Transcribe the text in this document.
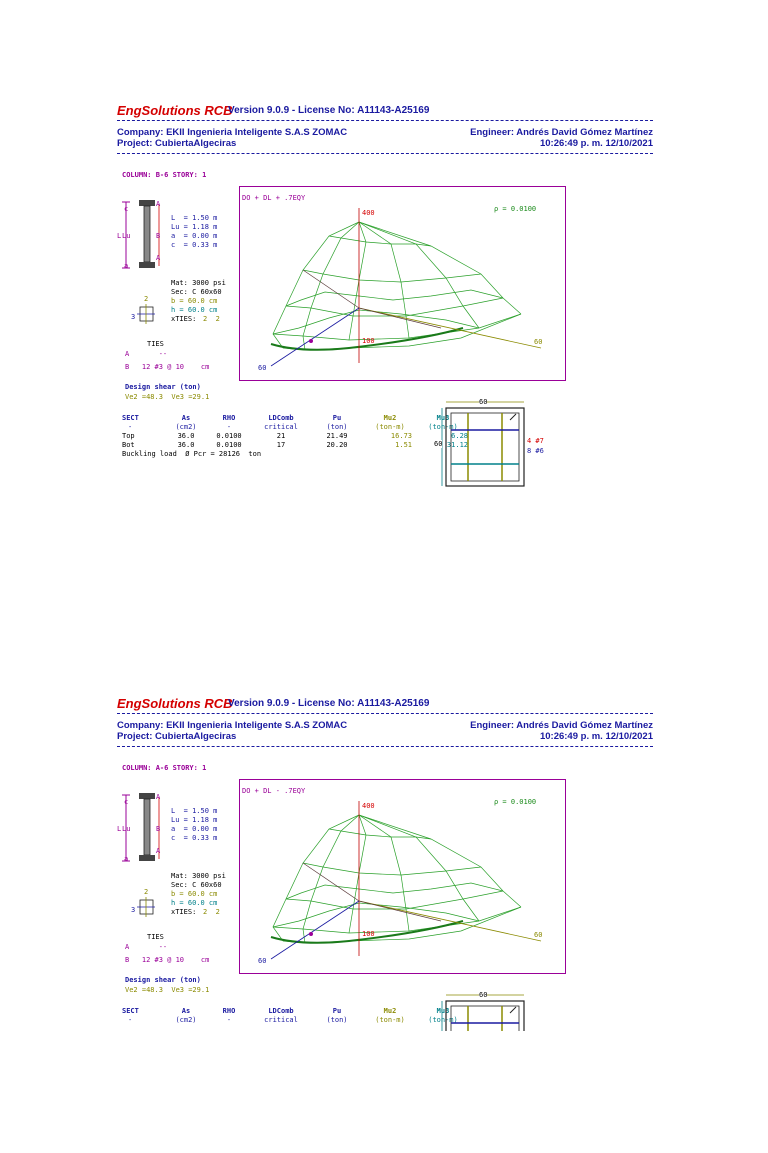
EngSolutions RCB
Version 9.0.9 - License No: A11143-A25169
Company: EKII Ingenieria Inteligente S.A.S ZOMAC
Project: CubiertaAlgeciras
Engineer: Andrés David Gómez Martínez
10:26:49 p. m. 12/10/2021
COLUMN: B-6 STORY: 1
c
L Lu
a
A
B
A
L  = 1.50 m
Lu = 1.18 m
a  = 0.00 m
c  = 0.33 m
Mat: 3000 psi
Sec: C 60x60
b = 60.0 cm
h = 60.0 cm
xTIES: 2  2
2
3
TIES
A       --
B   12 #3 @ 10    cm
Design shear (ton)
Ve2 =48.3  Ve3 =29.1
DO + DL + .7EQY
ρ = 0.0100
400
100	60
60
SECT	As	RHO	LDComb	Pu	Mu2	Mu3
-	(cm2)	-	critical	(ton)	(ton-m)	(ton-m)
Top	36.0	0.0100	21	21.49	16.73	6.28
Bot	36.0	0.0100	17	20.20	1.51	31.12
Buckling load  Ø Pcr = 28126  ton						
60
60	4 #7
8 #6
EngSolutions RCB
Version 9.0.9 - License No: A11143-A25169
Company: EKII Ingenieria Inteligente S.A.S ZOMAC
Project: CubiertaAlgeciras
Engineer: Andrés David Gómez Martínez
10:26:49 p. m. 12/10/2021
COLUMN: A-6 STORY: 1
c
L Lu
a
A
B
A
L  = 1.50 m
Lu = 1.18 m
a  = 0.00 m
c  = 0.33 m
Mat: 3000 psi
Sec: C 60x60
b = 60.0 cm
h = 60.0 cm
xTIES: 2  2
2
3
TIES
A       --
B   12 #3 @ 10    cm
Design shear (ton)
Ve2 =48.3  Ve3 =29.1
DO + DL - .7EQY
ρ = 0.0100
400
100	60
60
SECT	As	RHO	LDComb	Pu	Mu2	Mu3
-	(cm2)	-	critical	(ton)	(ton-m)	(ton-m)
60
